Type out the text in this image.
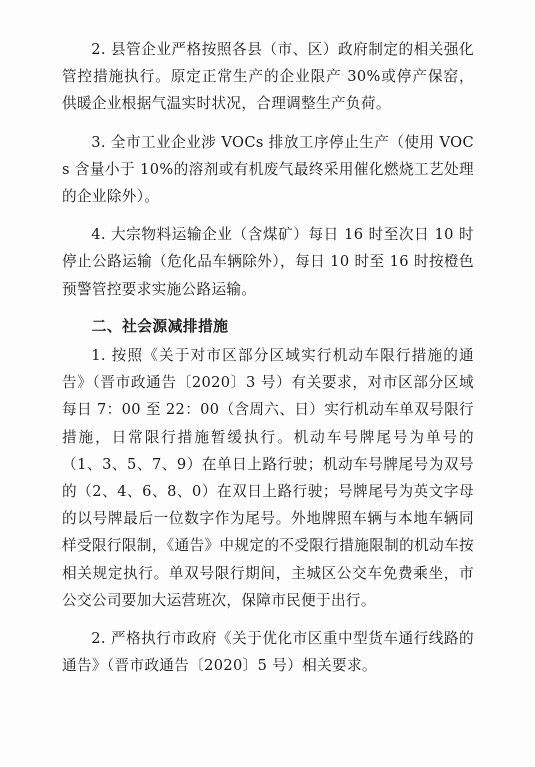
2. 县管企业严格按照各县（市、区）政府制定的相关强化管控措施执行。原定正常生产的企业限产 30%或停产保窑，供暖企业根据气温实时状况，合理调整生产负荷。

3. 全市工业企业涉 VOCs 排放工序停止生产（使用 VOCs 含量小于 10%的溶剂或有机废气最终采用催化燃烧工艺处理的企业除外）。

4. 大宗物料运输企业（含煤矿）每日 16 时至次日 10 时停止公路运输（危化品车辆除外），每日 10 时至 16 时按橙色预警管控要求实施公路运输。

二、社会源减排措施

1. 按照《关于对市区部分区域实行机动车限行措施的通告》（晋市政通告〔2020〕3 号）有关要求，对市区部分区域每日 7：00 至 22：00（含周六、日）实行机动车单双号限行措施，日常限行措施暂缓执行。机动车号牌尾号为单号的（1、3、5、7、9）在单日上路行驶；机动车号牌尾号为双号的（2、4、6、8、0）在双日上路行驶；号牌尾号为英文字母的以号牌最后一位数字作为尾号。外地牌照车辆与本地车辆同样受限行限制，《通告》中规定的不受限行措施限制的机动车按相关规定执行。单双号限行期间，主城区公交车免费乘坐，市公交公司要加大运营班次，保障市民便于出行。

2. 严格执行市政府《关于优化市区重中型货车通行线路的通告》（晋市政通告〔2020〕5 号）相关要求。
